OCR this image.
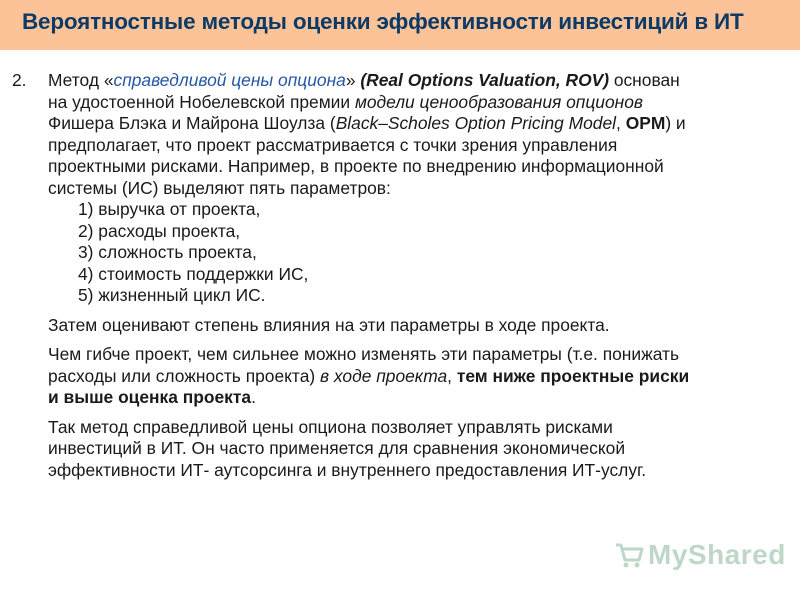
Вероятностные методы оценки эффективности инвестиций в ИТ
2. Метод «справедливой цены опциона» (Real Options Valuation, ROV) основан

на удостоенной Нобелевской премии модели ценообразования опционов

Фишера Блэка и Майрона Шоулза (Black–Scholes Option Pricing Model, OPM) и

предполагает, что проект рассматривается с точки зрения управления

проектными рисками. Например, в проекте по внедрению информационной

системы (ИС) выделяют пять параметров:

1) выручка от проекта,
2) расходы проекта,
3) сложность проекта,
4) стоимость поддержки ИС,
5) жизненный цикл ИС.

Затем оценивают степень влияния на эти параметры в ходе проекта.

Чем гибче проект, чем сильнее можно изменять эти параметры (т.е. понижать

расходы или сложность проекта) в ходе проекта, тем ниже проектные риски

и выше оценка проекта.

Так метод справедливой цены опциона позволяет управлять рисками

инвестиций в ИТ. Он часто применяется для сравнения экономической

эффективности ИТ- аутсорсинга и внутреннего предоставления ИТ-услуг.

MyShared
